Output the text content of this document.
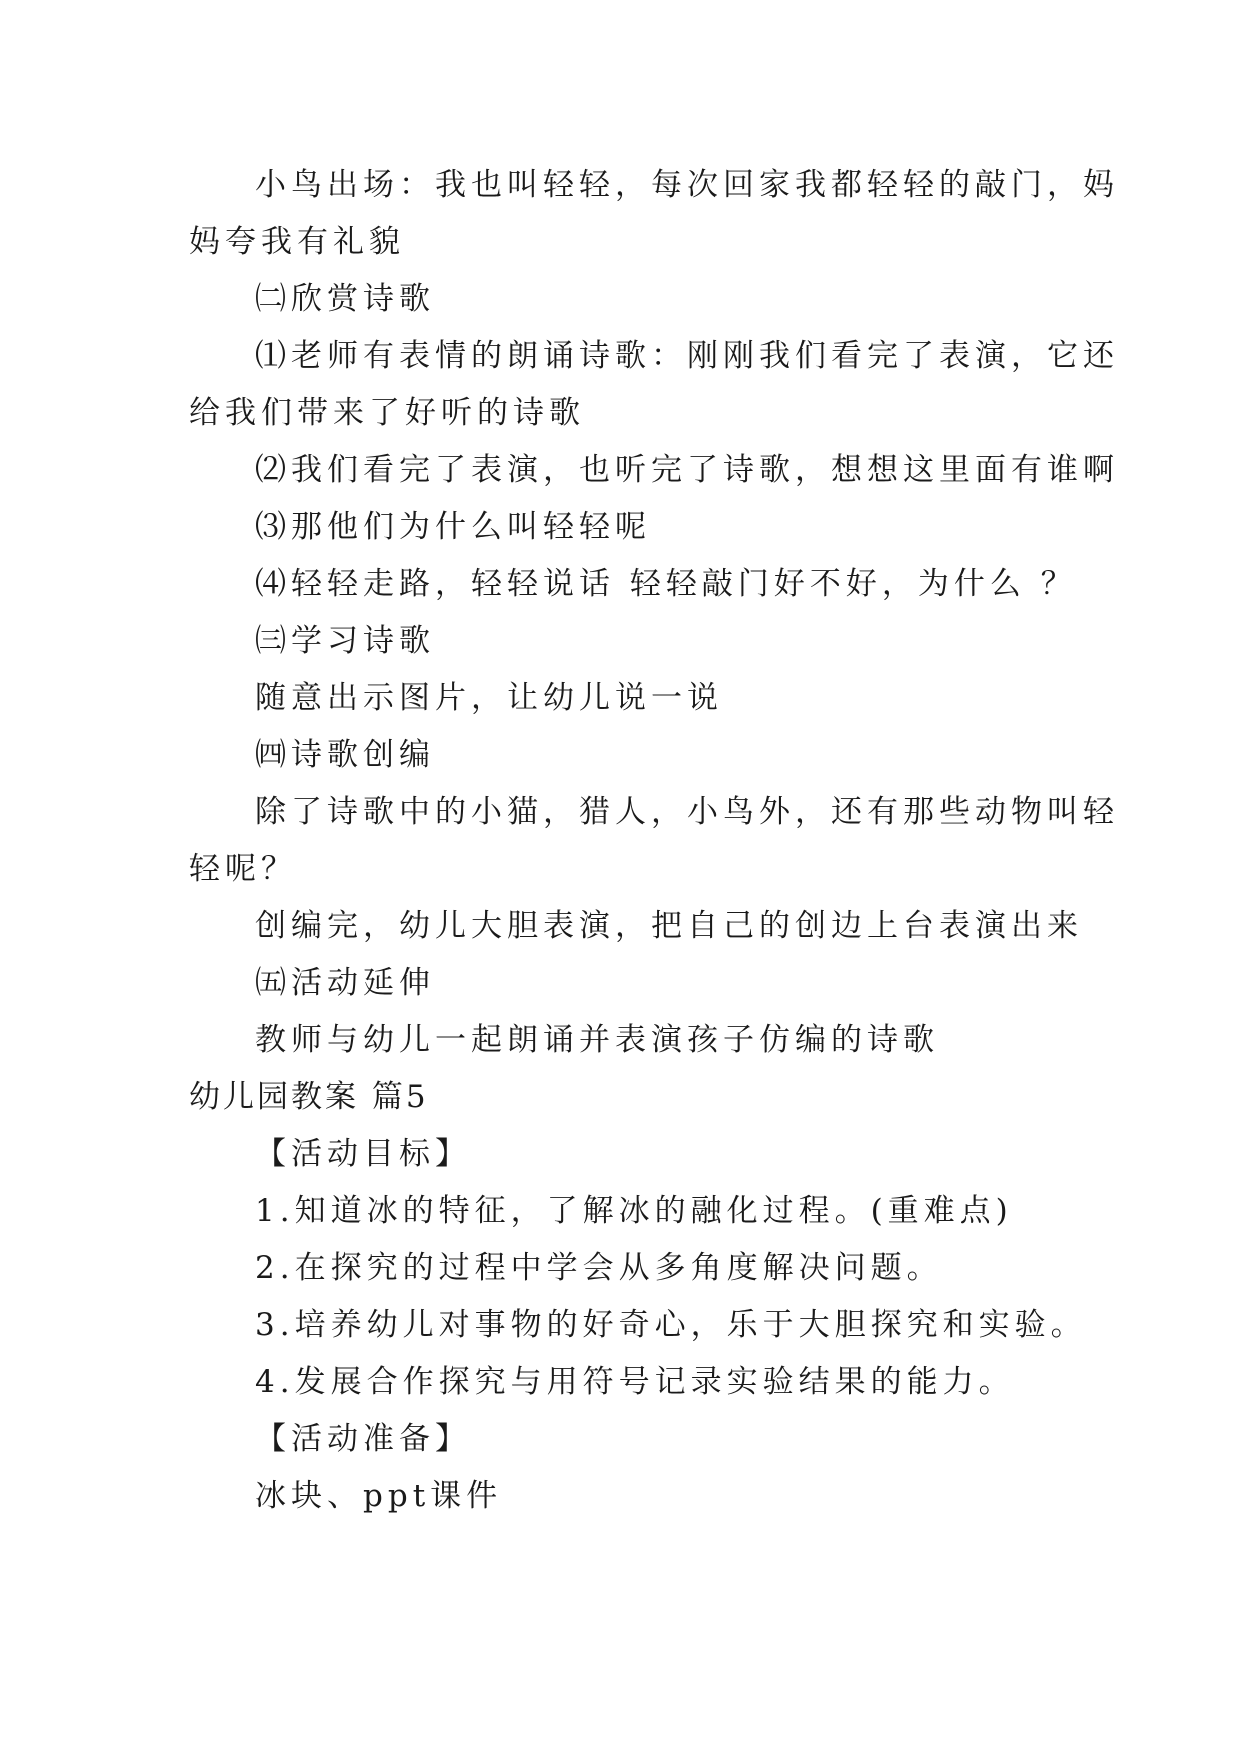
小鸟出场：我也叫轻轻，每次回家我都轻轻的敲门，妈

妈夸我有礼貌

㈡欣赏诗歌

⑴老师有表情的朗诵诗歌：刚刚我们看完了表演，它还

给我们带来了好听的诗歌

⑵我们看完了表演，也听完了诗歌，想想这里面有谁啊

⑶那他们为什么叫轻轻呢

⑷轻轻走路，轻轻说话 轻轻敲门好不好，为什么 ？

㈢学习诗歌

随意出示图片，让幼儿说一说

㈣诗歌创编

除了诗歌中的小猫，猎人，小鸟外，还有那些动物叫轻

轻呢？

创编完，幼儿大胆表演，把自己的创边上台表演出来

㈤活动延伸

教师与幼儿一起朗诵并表演孩子仿编的诗歌

幼儿园教案 篇5

【活动目标】

1.知道冰的特征，了解冰的融化过程。(重难点)

2.在探究的过程中学会从多角度解决问题。

3.培养幼儿对事物的好奇心，乐于大胆探究和实验。

4.发展合作探究与用符号记录实验结果的能力。

【活动准备】

冰块、ppt课件
